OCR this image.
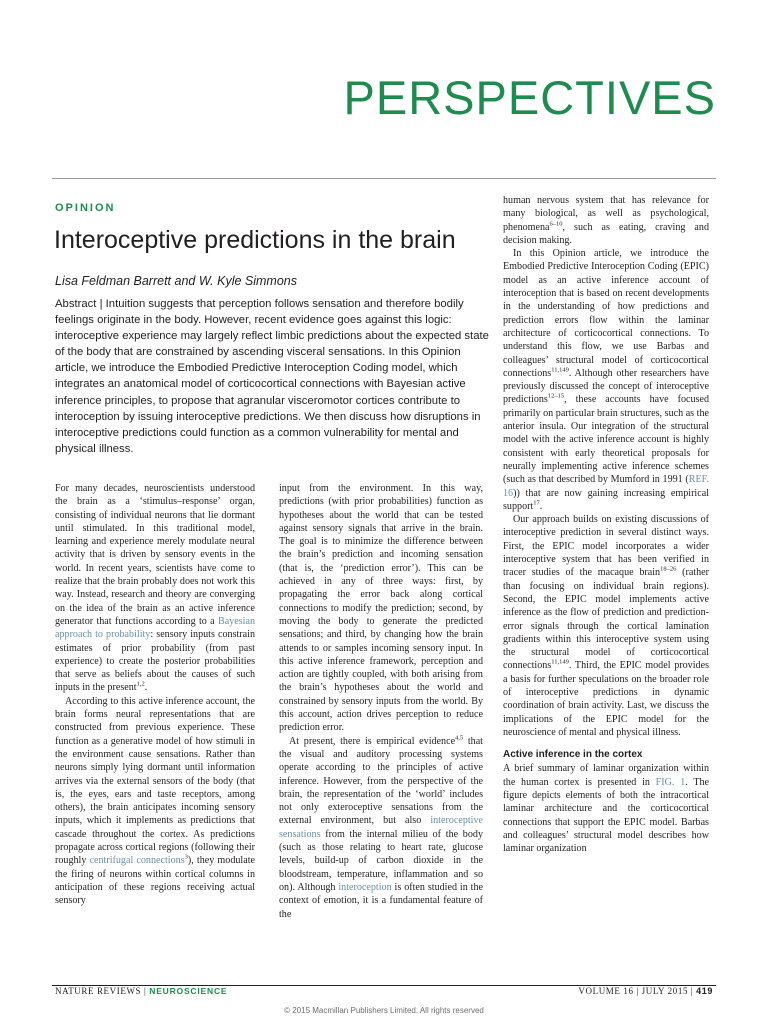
PERSPECTIVES
OPINION
Interoceptive predictions in the brain
Lisa Feldman Barrett and W. Kyle Simmons
Abstract | Intuition suggests that perception follows sensation and therefore bodily feelings originate in the body. However, recent evidence goes against this logic: interoceptive experience may largely reflect limbic predictions about the expected state of the body that are constrained by ascending visceral sensations. In this Opinion article, we introduce the Embodied Predictive Interoception Coding model, which integrates an anatomical model of corticocortical connections with Bayesian active inference principles, to propose that agranular visceromotor cortices contribute to interoception by issuing interoceptive predictions. We then discuss how disruptions in interoceptive predictions could function as a common vulnerability for mental and physical illness.

For many decades, neuroscientists understood the brain as a ‘stimulus–response’ organ, consisting of individual neurons that lie dormant until stimulated. In this traditional model, learning and experience merely modulate neural activity that is driven by sensory events in the world. In recent years, scientists have come to realize that the brain probably does not work this way. Instead, research and theory are converging on the idea of the brain as an active inference generator that functions according to a Bayesian approach to probability: sensory inputs constrain estimates of prior probability (from past experience) to create the posterior probabilities that serve as beliefs about the causes of such inputs in the present$^{1,2}$.

According to this active inference account, the brain forms neural representations that are constructed from previous experience. These function as a generative model of how stimuli in the environment cause sensations. Rather than neurons simply lying dormant until information arrives via the external sensors of the body (that is, the eyes, ears and taste receptors, among others), the brain anticipates incoming sensory inputs, which it implements as predictions that cascade throughout the cortex. As predictions propagate across cortical regions (following their roughly centrifugal connections$^3$), they modulate the firing of neurons within cortical columns in anticipation of these regions receiving actual sensory

input from the environment. In this way, predictions (with prior probabilities) function as hypotheses about the world that can be tested against sensory signals that arrive in the brain. The goal is to minimize the difference between the brain’s prediction and incoming sensation (that is, the ‘prediction error’). This can be achieved in any of three ways: first, by propagating the error back along cortical connections to modify the prediction; second, by moving the body to generate the predicted sensations; and third, by changing how the brain attends to or samples incoming sensory input. In this active inference framework, perception and action are tightly coupled, with both arising from the brain’s hypotheses about the world and constrained by sensory inputs from the world. By this account, action drives perception to reduce prediction error.

At present, there is empirical evidence$^{4,5}$ that the visual and auditory processing systems operate according to the principles of active inference. However, from the perspective of the brain, the representation of the ‘world’ includes not only exteroceptive sensations from the external environment, but also interoceptive sensations from the internal milieu of the body (such as those relating to heart rate, glucose levels, build-up of carbon dioxide in the bloodstream, temperature, inflammation and so on). Although interoception is often studied in the context of emotion, it is a fundamental feature of the

human nervous system that has relevance for many biological, as well as psychological, phenomena$^{6-10}$, such as eating, craving and decision making.

In this Opinion article, we introduce the Embodied Predictive Interoception Coding (EPIC) model as an active inference account of interoception that is based on recent developments in the understanding of how predictions and prediction errors flow within the laminar architecture of corticocortical connections. To understand this flow, we use Barbas and colleagues’ structural model of corticocortical connections$^{11,149}$. Although other researchers have previously discussed the concept of interoceptive predictions$^{12-15}$, these accounts have focused primarily on particular brain structures, such as the anterior insula. Our integration of the structural model with the active inference account is highly consistent with early theoretical proposals for neurally implementing active inference schemes (such as that described by Mumford in 1991 (REF. 16)) that are now gaining increasing empirical support$^{17}$.

Our approach builds on existing discussions of interoceptive prediction in several distinct ways. First, the EPIC model incorporates a wider interoceptive system that has been verified in tracer studies of the macaque brain$^{18-26}$ (rather than focusing on individual brain regions). Second, the EPIC model implements active inference as the flow of prediction and prediction-error signals through the cortical lamination gradients within this interoceptive system using the structural model of corticocortical connections$^{11,149}$. Third, the EPIC model provides a basis for further speculations on the broader role of interoceptive predictions in dynamic coordination of brain activity. Last, we discuss the implications of the EPIC model for the neuroscience of mental and physical illness.

Active inference in the cortex

A brief summary of laminar organization within the human cortex is presented in FIG. 1. The figure depicts elements of both the intracortical laminar architecture and the corticocortical connections that support the EPIC model. Barbas and colleagues’ structural model describes how laminar organization

NATURE REVIEWS | NEUROSCIENCE	VOLUME 16 | JULY 2015 | 419
© 2015 Macmillan Publishers Limited. All rights reserved
